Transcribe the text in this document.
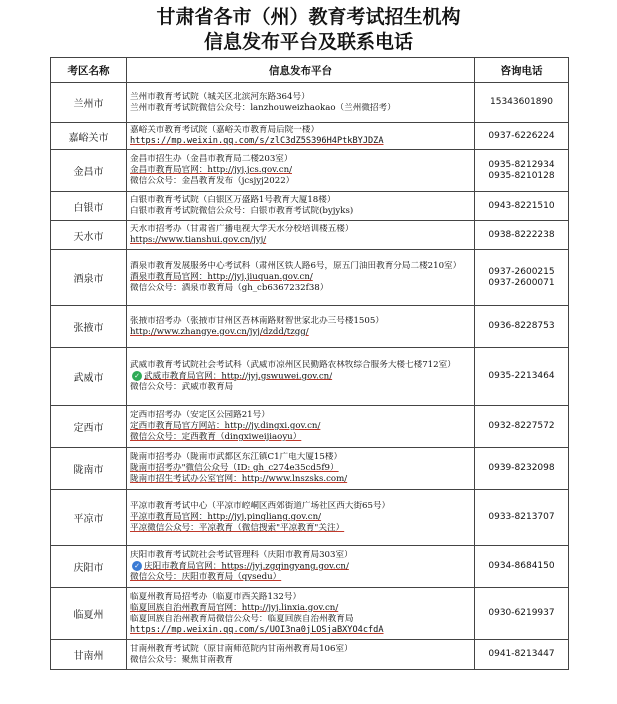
甘肃省各市（州）教育考试招生机构
信息发布平台及联系电话
考区名称	信息发布平台	咨询电话
兰州市	兰州市教育考试院（城关区北滨河东路364号）
兰州市教育考试院微信公众号：lanzhouweizhaokao（兰州微招考）	15343601890

嘉峪关市	嘉峪关市教育考试院（嘉峪关市教育局后院一楼）
https://mp.weixin.qq.com/s/zlC3dZ5S396H4PtkBYJDZA	0937-6226224

金昌市	金昌市招生办（金昌市教育局二楼203室）
金昌市教育局官网：http://jyj.jcs.gov.cn/
微信公众号：金昌教育发布（jcsjyj2022）	0935-8212934
0935-8210128

白银市	白银市教育考试院（白银区万盛路1号教育大厦18楼）
白银市教育考试院微信公众号：白银市教育考试院(byjyks)	0943-8221510

天水市	天水市招考办（甘肃省广播电视大学天水分校培训楼五楼）
https://www.tianshui.gov.cn/jyj/	0938-8222238

酒泉市	酒泉市教育发展服务中心考试科（肃州区铁人路6号，原五门油田教育分局二楼210室）
酒泉市教育局官网：http://jyj.jiuquan.gov.cn/
微信公众号：酒泉市教育局（gh_cb6367232f38）	0937-2600215
0937-2600071

张掖市	张掖市招考办（张掖市甘州区吾林南路财智世家北办三号楼1505）
http://www.zhangye.gov.cn/jyj/dzdd/tzgg/	0936-8228753

武威市	武威市教育考试院社会考试科（武威市凉州区民勤路农林牧综合服务大楼七楼712室）
✓ 武威市教育局官网：http://jyj.gswuwei.gov.cn/
微信公众号：武威市教育局	0935-2213464

定西市	定西市招考办（安定区公园路21号）
定西市教育局官方网站：http://jy.dingxi.gov.cn/
微信公众号：定西教育（dingxiweijiaoyu）	0932-8227572

陇南市	陇南市招考办（陇南市武都区东江镇C1广电大厦15楼）
陇南市招考办"微信公众号（ID: gh_c274e35cd5f9）
陇南市招生考试办公室官网：http://www.lnszsks.com/	0939-8232098

平凉市	平凉市教育考试中心（平凉市崆峒区西郊街道广场社区西大街65号）
平凉市教育局官网：http://jyj.pingliang.gov.cn/
平凉微信公众号：平凉教育（微信搜索"平凉教育"关注）	0933-8213707

庆阳市	庆阳市教育考试院社会考试管理科（庆阳市教育局303室）
✓ 庆阳市教育局官网：https://jyj.zgqingyang.gov.cn/
微信公众号：庆阳市教育局（qysedu）	0934-8684150

临夏州	临夏州教育局招考办（临夏市西关路132号）
临夏回族自治州教育局官网：http://jyj.linxia.gov.cn/
临夏回族自治州教育局微信公众号：临夏回族自治州教育局
https://mp.weixin.qq.com/s/UOI3na0jLOSjaBXYO4cfdA	0930-6219937

甘南州	甘南州教育考试院（原甘南师范院内甘南州教育局106室）
微信公众号：聚焦甘南教育	0941-8213447
